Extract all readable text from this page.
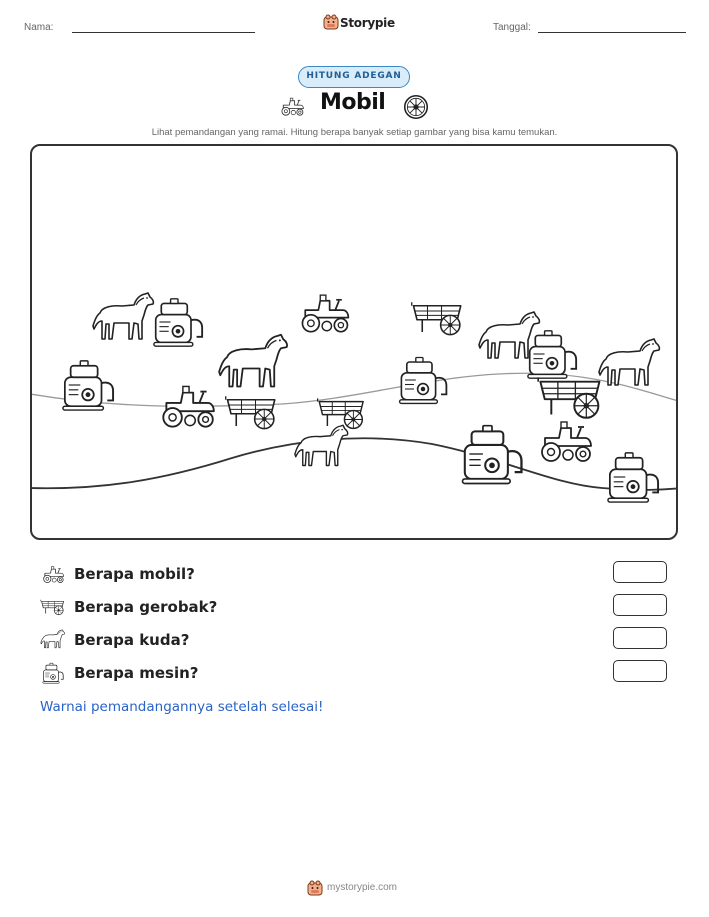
Nama:	Storypie	Tanggal:
HITUNG ADEGAN
Mobil
Lihat pemandangan yang ramai. Hitung berapa banyak setiap gambar yang bisa kamu temukan.
Berapa mobil?
Berapa gerobak?
Berapa kuda?
Berapa mesin?
Warnai pemandangannya setelah selesai!
mystorypie.com
